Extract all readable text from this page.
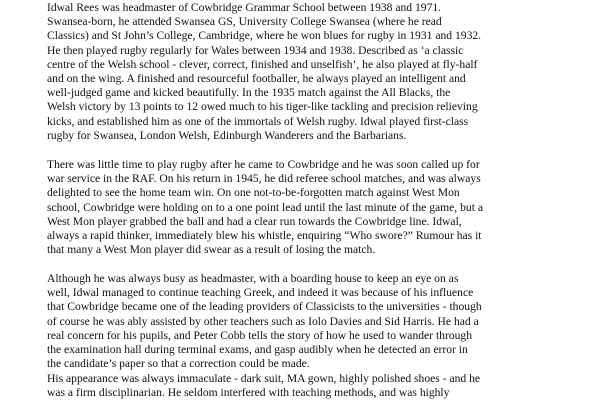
Idwal Rees was headmaster of Cowbridge Grammar School between 1938 and 1971.
Swansea-born, he attended Swansea GS, University College Swansea (where he read
Classics) and St John’s College, Cambridge, where he won blues for rugby in 1931 and 1932.
He then played rugby regularly for Wales between 1934 and 1938. Described as ‘a classic
centre of the Welsh school - clever, correct, finished and unselfish’, he also played at fly-half
and on the wing. A finished and resourceful footballer, he always played an intelligent and
well-judged game and kicked beautifully. In the 1935 match against the All Blacks, the
Welsh victory by 13 points to 12 owed much to his tiger-like tackling and precision relieving
kicks, and established him as one of the immortals of Welsh rugby. Idwal played first-class
rugby for Swansea, London Welsh, Edinburgh Wanderers and the Barbarians.
There was little time to play rugby after he came to Cowbridge and he was soon called up for
war service in the RAF. On his return in 1945, he did referee school matches, and was always
delighted to see the home team win. On one not-to-be-forgotten match against West Mon
school, Cowbridge were holding on to a one point lead until the last minute of the game, but a
West Mon player grabbed the ball and had a clear run towards the Cowbridge line. Idwal,
always a rapid thinker, immediately blew his whistle, enquiring “Who swore?” Rumour has it
that many a West Mon player did swear as a result of losing the match.
Although he was always busy as headmaster, with a boarding house to keep an eye on as
well, Idwal managed to continue teaching Greek, and indeed it was because of his influence
that Cowbridge became one of the leading providers of Classicists to the universities - though
of course he was ably assisted by other teachers such as Iolo Davies and Sid Harris. He had a
real concern for his pupils, and Peter Cobb tells the story of how he used to wander through
the examination hall during terminal exams, and gasp audibly when he detected an error in
the candidate’s paper so that a correction could be made.
His appearance was always immaculate - dark suit, MA gown, highly polished shoes - and he
was a firm disciplinarian. He seldom interfered with teaching methods, and was highly
